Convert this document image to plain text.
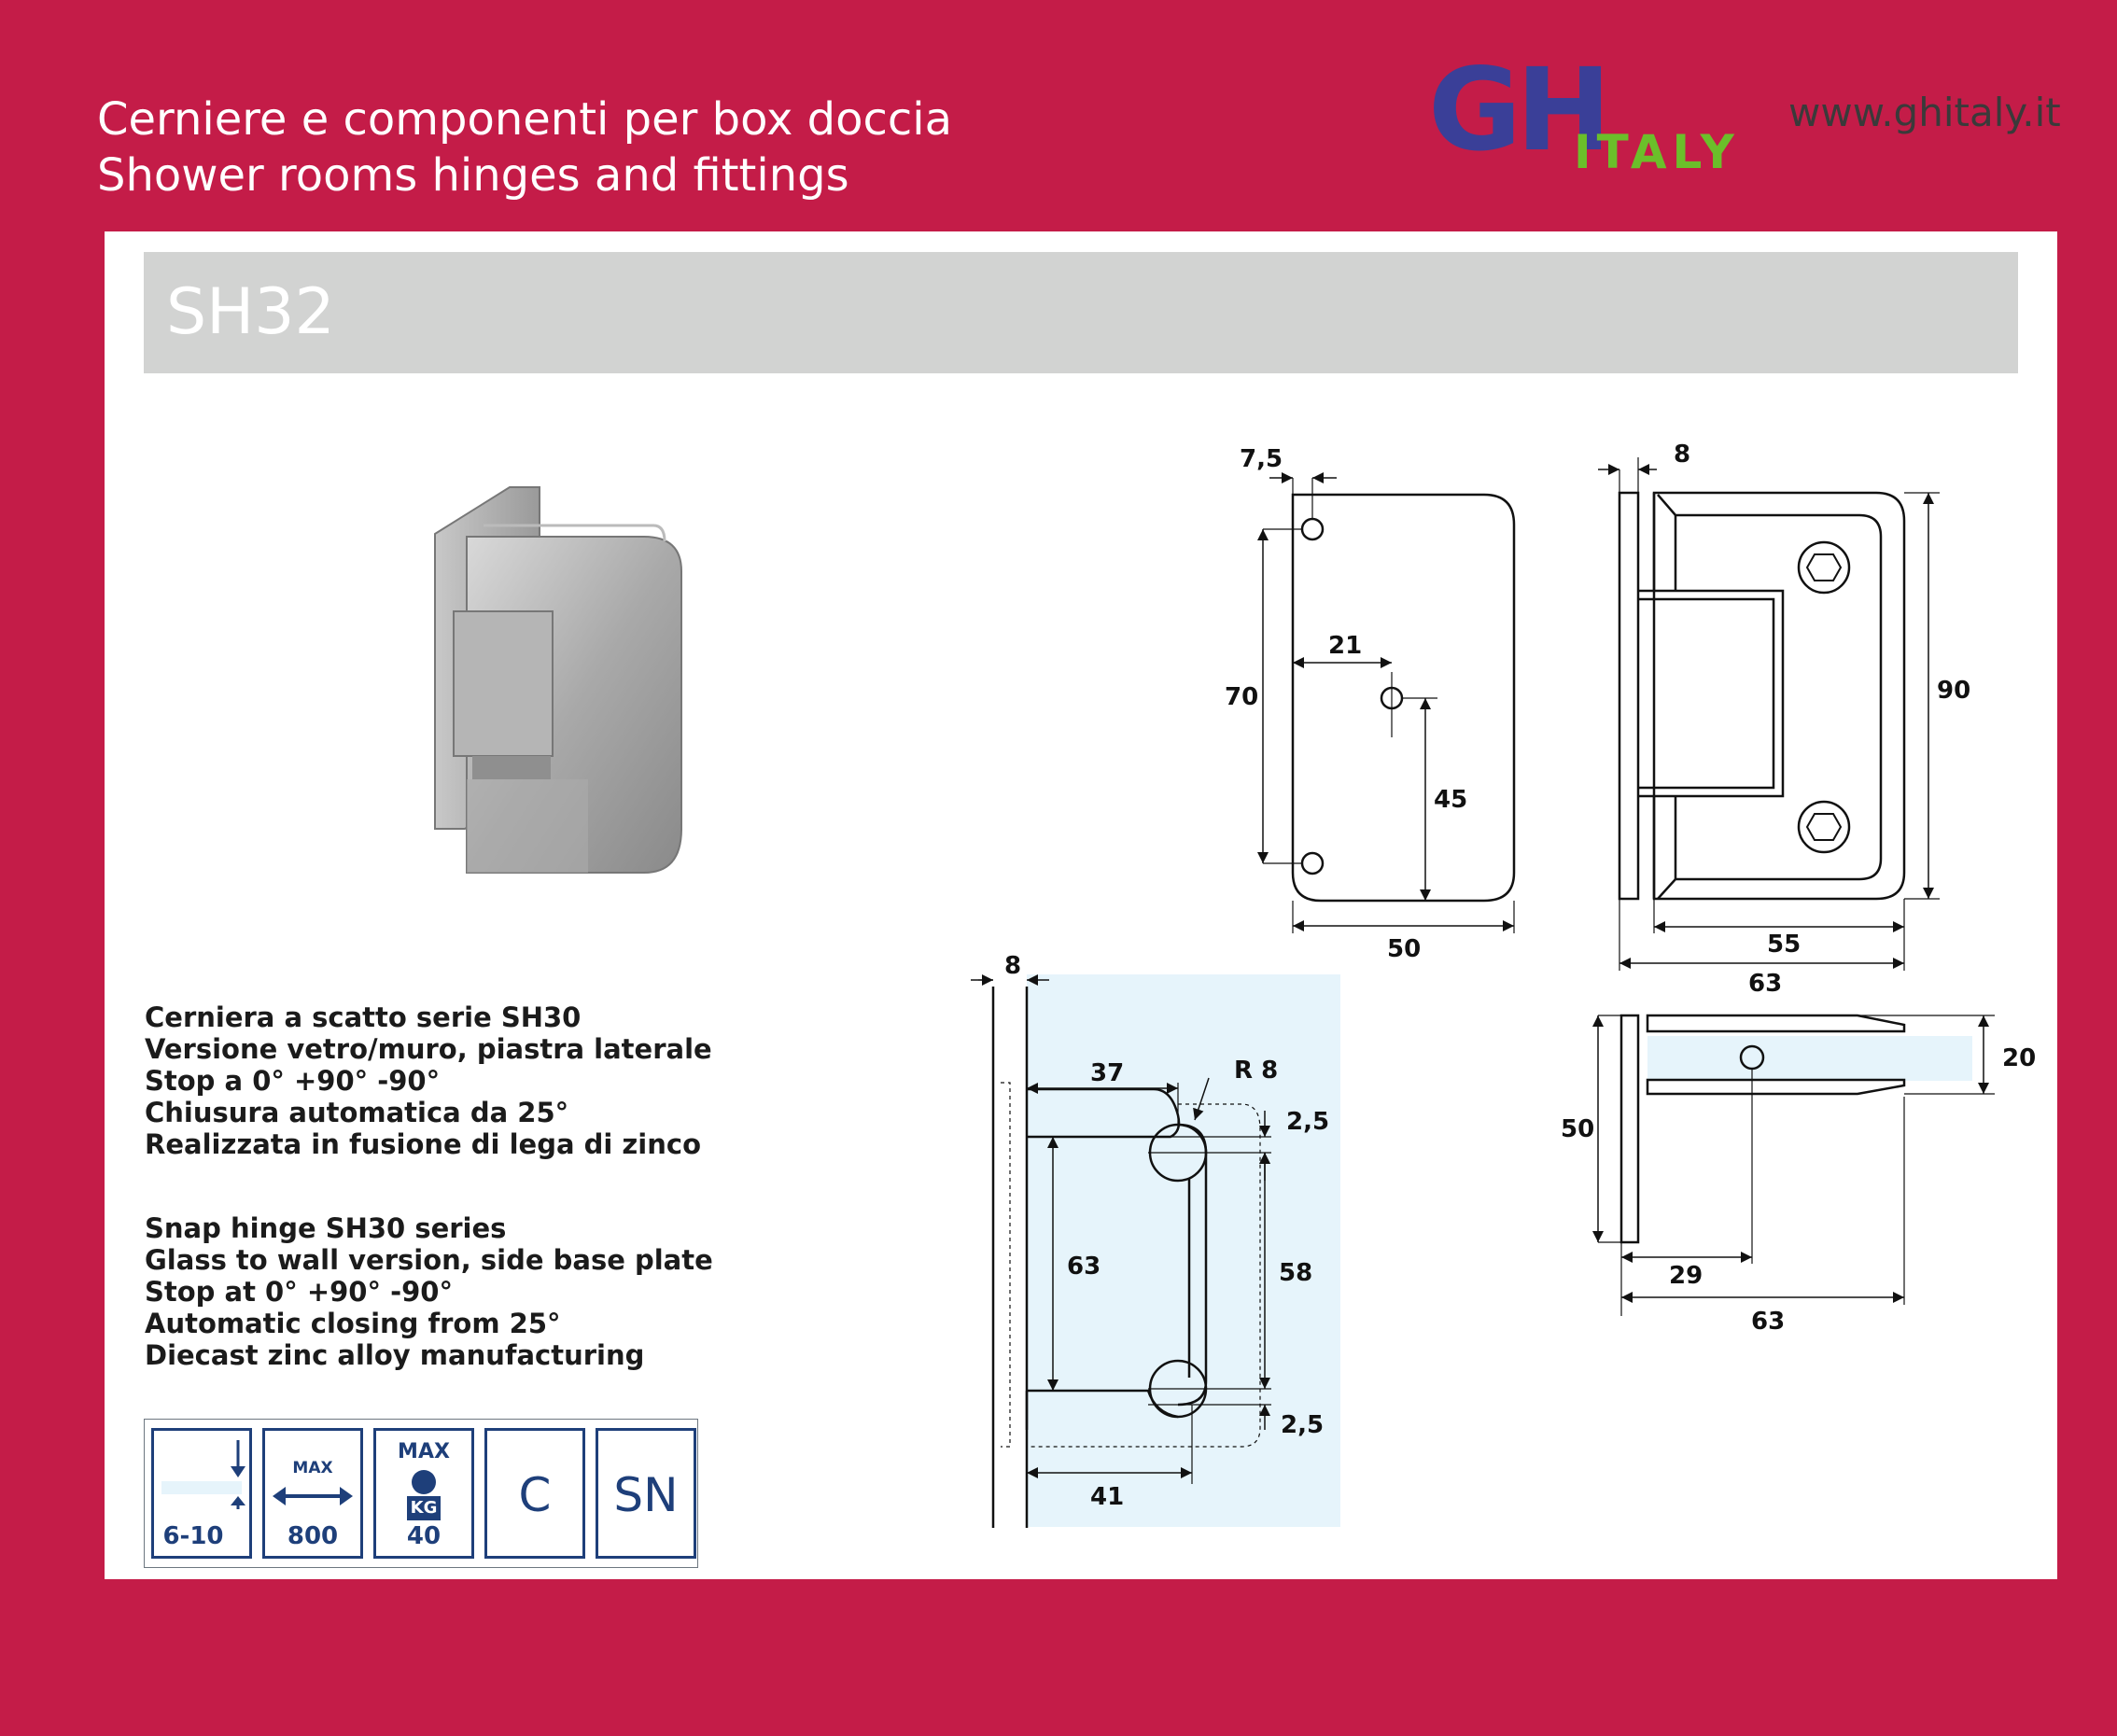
Cerniere e componenti per box doccia
Shower rooms hinges and fittings	GH
ITALY
www.ghitaly.it
SH32
7,5
21
70
45
50
8
90
55
63
20
50
29
63
8
37	R 8
2,5
63	58
2,5
41
Cerniera a scatto serie SH30
Versione vetro/muro, piastra laterale
Stop a 0° +90° -90°
Chiusura automatica da 25°
Realizzata in fusione di lega di zinco
Snap hinge SH30 series
Glass to wall version, side base plate
Stop at 0° +90° -90°
Automatic closing from 25°
Diecast zinc alloy manufacturing
6-10
MAX
800
MAX
KG
40
C	SN
